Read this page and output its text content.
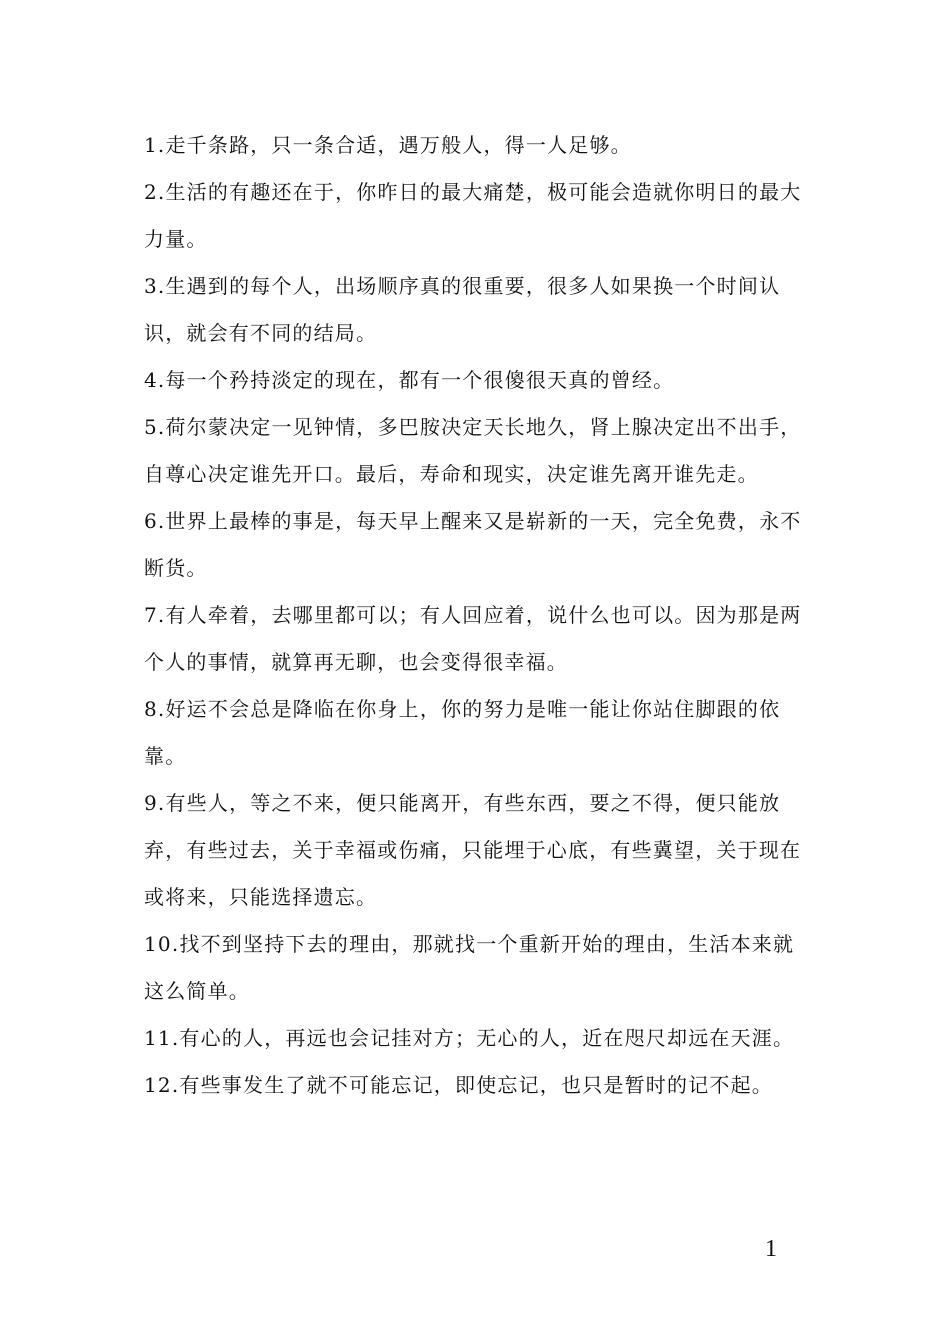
1.走千条路，只一条合适，遇万般人，得一人足够。

2.生活的有趣还在于，你昨日的最大痛楚，极可能会造就你明日的最大力量。

3.生遇到的每个人，出场顺序真的很重要，很多人如果换一个时间认识，就会有不同的结局。

4.每一个矜持淡定的现在，都有一个很傻很天真的曾经。

5.荷尔蒙决定一见钟情，多巴胺决定天长地久，肾上腺决定出不出手，自尊心决定谁先开口。最后，寿命和现实，决定谁先离开谁先走。

6.世界上最棒的事是，每天早上醒来又是崭新的一天，完全免费，永不断货。

7.有人牵着，去哪里都可以；有人回应着，说什么也可以。因为那是两个人的事情，就算再无聊，也会变得很幸福。

8.好运不会总是降临在你身上，你的努力是唯一能让你站住脚跟的依靠。

9.有些人，等之不来，便只能离开，有些东西，要之不得，便只能放弃，有些过去，关于幸福或伤痛，只能埋于心底，有些冀望，关于现在或将来，只能选择遗忘。

10.找不到坚持下去的理由，那就找一个重新开始的理由，生活本来就这么简单。

11.有心的人，再远也会记挂对方；无心的人，近在咫尺却远在天涯。

12.有些事发生了就不可能忘记，即使忘记，也只是暂时的记不起。

1
